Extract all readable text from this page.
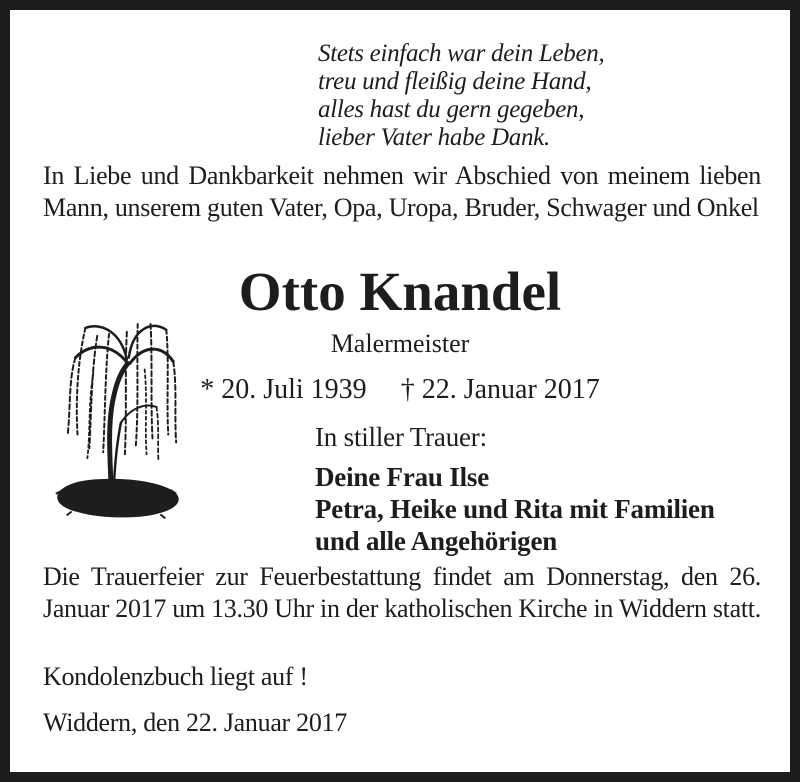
Stets einfach war dein Leben,
treu und fleißig deine Hand,
alles hast du gern gegeben,
lieber Vater habe Dank.

In Liebe und Dankbarkeit nehmen wir Abschied von meinem lieben Mann, unserem guten Vater, Opa, Uropa, Bruder, Schwager und Onkel

Otto Knandel
Malermeister
* 20. Juli 1939 † 22. Januar 2017
In stiller Trauer:
Deine Frau Ilse
Petra, Heike und Rita mit Familien
und alle Angehörigen

Die Trauerfeier zur Feuerbestattung findet am Donnerstag, den 26. Januar 2017 um 13.30 Uhr in der katholischen Kirche in Widdern statt.

Kondolenzbuch liegt auf !

Widdern, den 22. Januar 2017
